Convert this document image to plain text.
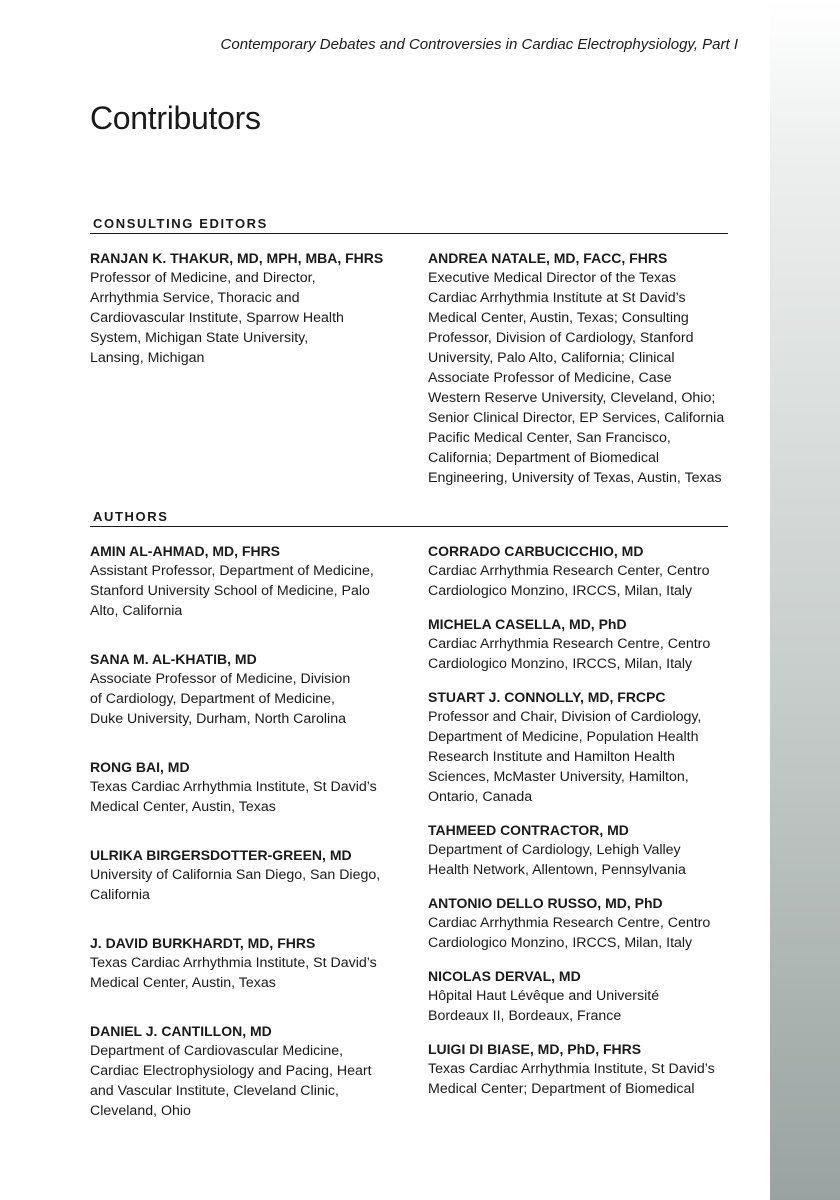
Contemporary Debates and Controversies in Cardiac Electrophysiology, Part I
Contributors
CONSULTING EDITORS
RANJAN K. THAKUR, MD, MPH, MBA, FHRS
Professor of Medicine, and Director,
Arrhythmia Service, Thoracic and
Cardiovascular Institute, Sparrow Health
System, Michigan State University,
Lansing, Michigan
ANDREA NATALE, MD, FACC, FHRS
Executive Medical Director of the Texas
Cardiac Arrhythmia Institute at St David’s
Medical Center, Austin, Texas; Consulting
Professor, Division of Cardiology, Stanford
University, Palo Alto, California; Clinical
Associate Professor of Medicine, Case
Western Reserve University, Cleveland, Ohio;
Senior Clinical Director, EP Services, California
Pacific Medical Center, San Francisco,
California; Department of Biomedical
Engineering, University of Texas, Austin, Texas
AUTHORS
AMIN AL-AHMAD, MD, FHRS
Assistant Professor, Department of Medicine,
Stanford University School of Medicine, Palo
Alto, California
SANA M. AL-KHATIB, MD
Associate Professor of Medicine, Division
of Cardiology, Department of Medicine,
Duke University, Durham, North Carolina
RONG BAI, MD
Texas Cardiac Arrhythmia Institute, St David’s
Medical Center, Austin, Texas
ULRIKA BIRGERSDOTTER-GREEN, MD
University of California San Diego, San Diego,
California
J. DAVID BURKHARDT, MD, FHRS
Texas Cardiac Arrhythmia Institute, St David’s
Medical Center, Austin, Texas
DANIEL J. CANTILLON, MD
Department of Cardiovascular Medicine,
Cardiac Electrophysiology and Pacing, Heart
and Vascular Institute, Cleveland Clinic,
Cleveland, Ohio
CORRADO CARBUCICCHIO, MD
Cardiac Arrhythmia Research Center, Centro
Cardiologico Monzino, IRCCS, Milan, Italy
MICHELA CASELLA, MD, PhD
Cardiac Arrhythmia Research Centre, Centro
Cardiologico Monzino, IRCCS, Milan, Italy
STUART J. CONNOLLY, MD, FRCPC
Professor and Chair, Division of Cardiology,
Department of Medicine, Population Health
Research Institute and Hamilton Health
Sciences, McMaster University, Hamilton,
Ontario, Canada
TAHMEED CONTRACTOR, MD
Department of Cardiology, Lehigh Valley
Health Network, Allentown, Pennsylvania
ANTONIO DELLO RUSSO, MD, PhD
Cardiac Arrhythmia Research Centre, Centro
Cardiologico Monzino, IRCCS, Milan, Italy
NICOLAS DERVAL, MD
Hôpital Haut Lévêque and Université
Bordeaux II, Bordeaux, France
LUIGI DI BIASE, MD, PhD, FHRS
Texas Cardiac Arrhythmia Institute, St David’s
Medical Center; Department of Biomedical
